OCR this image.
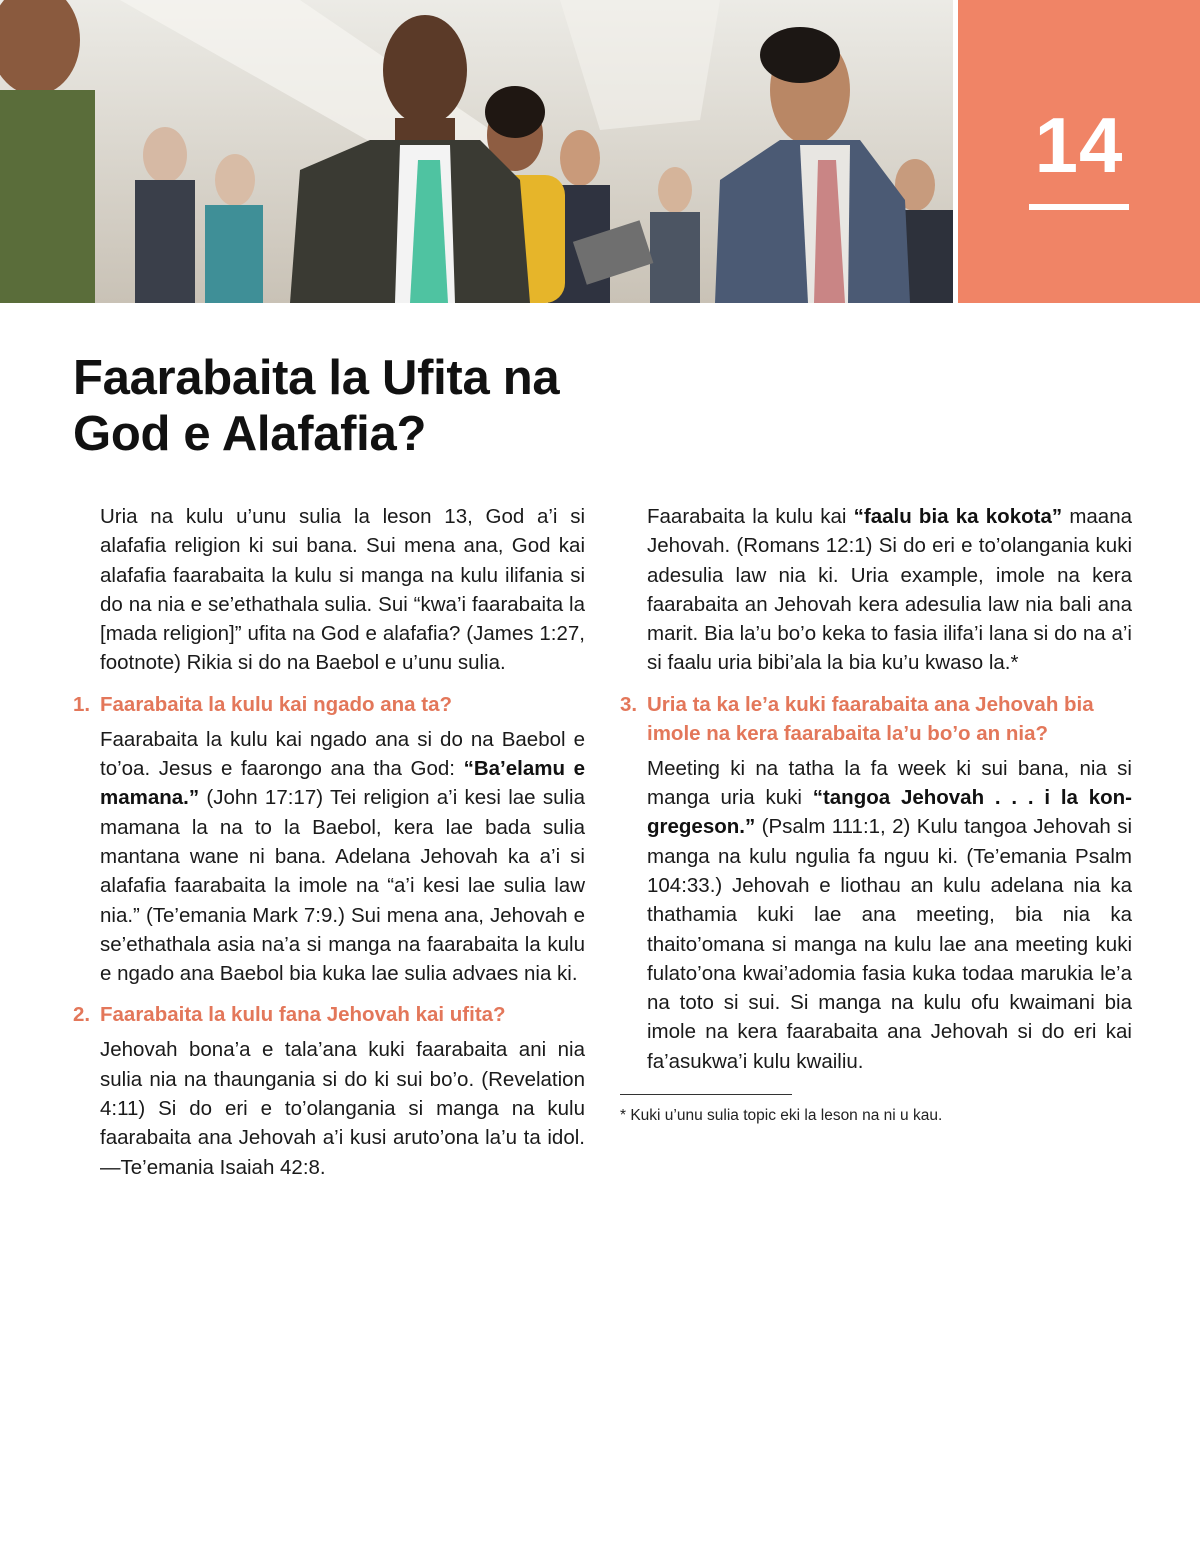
14
Faarabaita la Ufita na
God e Alafafia?

Uria na kulu u’unu sulia la leson 13, God a’i si alafafia religion ki sui bana. Sui mena ana, God kai alafafia faarabaita la kulu si manga na kulu ilifania si do na nia e se’ethathala sulia. Sui “kwa’i faarabaita la [mada religion]” ufita na God e alafafia? (James 1:27, footnote) Rikia si do na Baebol e u’unu sulia.

1. Faarabaita la kulu kai ngado ana ta?

Faarabaita la kulu kai ngado ana si do na Baebol e to’oa. Jesus e faarongo ana tha God: “Ba’elamu e mamana.” (John 17:17) Tei religion a’i kesi lae sulia mamana la na to la Baebol, kera lae bada sulia mantana wane ni bana. Adelana Jehovah ka a’i si alafafia faarabaita la imole na “a’i kesi lae sulia law nia.” (Te’emania Mark 7:9.) Sui mena ana, Jehovah e se’ethathala asia na’a si manga na faarabaita la kulu e ngado ana Baebol bia kuka lae sulia advaes nia ki.

2. Faarabaita la kulu fana Jehovah kai ufita?

Jehovah bona’a e tala’ana kuki faarabaita ani nia sulia nia na thaungania si do ki sui bo’o. (Revelation 4:11) Si do eri e to’olangania si manga na kulu faarabaita ana Jehovah a’i kusi aruto’ona la’u ta idol.—Te’emania Isaiah 42:8.

Faarabaita la kulu kai “faalu bia ka kokota” maana Jehovah. (Romans 12:1) Si do eri e to’olangania kuki adesulia law nia ki. Uria example, imole na kera faarabaita an Jehovah kera adesulia law nia bali ana marit. Bia la’u bo’o keka to fasia ilifa’i lana si do na a’i si faalu uria bibi’ala la bia ku’u kwaso la.*

3. Uria ta ka le’a kuki faarabaita ana Jehovah bia imole na kera faarabaita la’u bo’o an nia?

Meeting ki na tatha la fa week ki sui bana, nia si manga uria kuki “tangoa Jehovah . . . i la kongregeson.” (Psalm 111:1, 2) Kulu tangoa Jehovah si manga na kulu ngulia fa nguu ki. (Te’emania Psalm 104:33.) Jehovah e liothau an kulu adelana nia ka thathamia kuki lae ana meeting, bia nia ka thaito’omana si manga na kulu lae ana meeting kuki fulato’ona kwai’adomia fasia kuka todaa marukia le’a na toto si sui. Si manga na kulu ofu kwaimani bia imole na kera faarabaita ana Jehovah si do eri kai fa’asukwa’i kulu kwailiu.

* Kuki u’unu sulia topic eki la leson na ni u kau.
